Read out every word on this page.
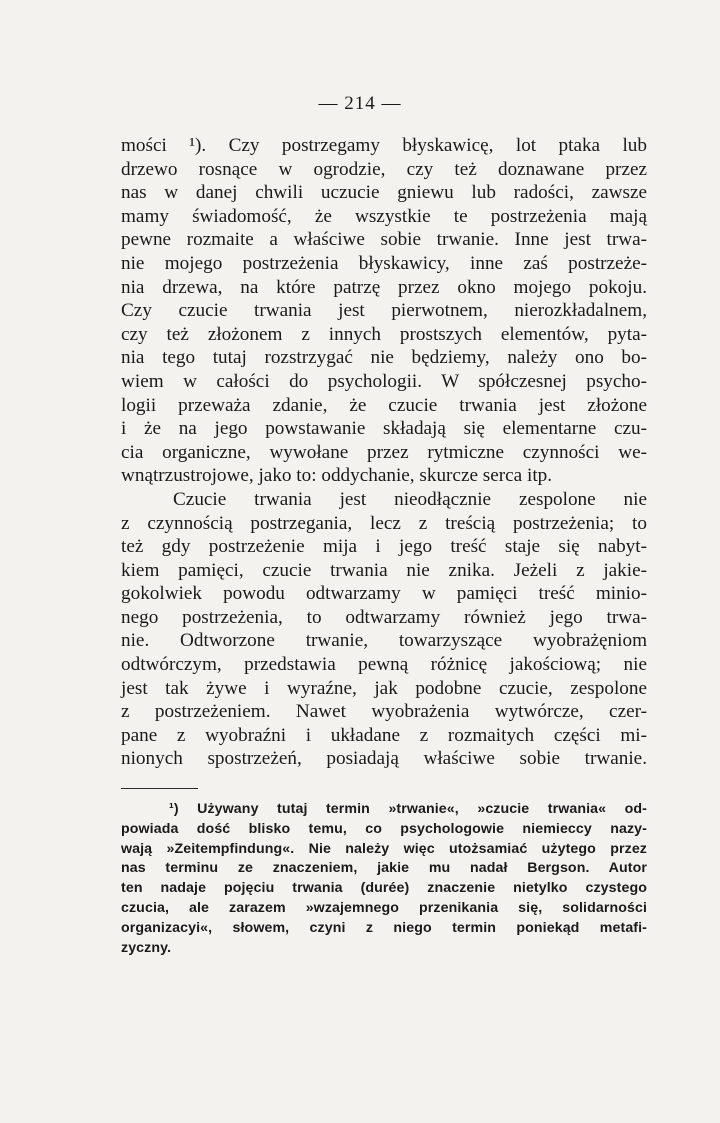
— 214 —
mości ¹). Czy postrzegamy błyskawicę, lot ptaka lub
drzewo rosnące w ogrodzie, czy też doznawane przez
nas w danej chwili uczucie gniewu lub radości, zawsze
mamy świadomość, że wszystkie te postrzeżenia mają
pewne rozmaite a właściwe sobie trwanie. Inne jest trwa-
nie mojego postrzeżenia błyskawicy, inne zaś postrzeże-
nia drzewa, na które patrzę przez okno mojego pokoju.
Czy czucie trwania jest pierwotnem, nierozkładalnem,
czy też złożonem z innych prostszych elementów, pyta-
nia tego tutaj rozstrzygać nie będziemy, należy ono bo-
wiem w całości do psychologii. W spółczesnej psycho-
logii przeważa zdanie, że czucie trwania jest złożone
i że na jego powstawanie składają się elementarne czu-
cia organiczne, wywołane przez rytmiczne czynności we-
wnątrzustrojowe, jako to: oddychanie, skurcze serca itp.
Czucie trwania jest nieodłącznie zespolone nie
z czynnością postrzegania, lecz z treścią postrzeżenia; to
też gdy postrzeżenie mija i jego treść staje się nabyt-
kiem pamięci, czucie trwania nie znika. Jeżeli z jakie-
gokolwiek powodu odtwarzamy w pamięci treść minio-
nego postrzeżenia, to odtwarzamy również jego trwa-
nie. Odtworzone trwanie, towarzyszące wyobrażęniom
odtwórczym, przedstawia pewną różnicę jakościową; nie
jest tak żywe i wyraźne, jak podobne czucie, zespolone
z postrzeżeniem. Nawet wyobrażenia wytwórcze, czer-
pane z wyobraźni i układane z rozmaitych części mi-
nionych spostrzeżeń, posiadają właściwe sobie trwanie.
¹) Używany tutaj termin »trwanie«, »czucie trwania« od-
powiada dość blisko temu, co psychologowie niemieccy nazy-
wają »Zeitempfindung«. Nie należy więc utożsamiać użytego przez
nas terminu ze znaczeniem, jakie mu nadał Bergson. Autor
ten nadaje pojęciu trwania (durée) znaczenie nietylko czystego
czucia, ale zarazem »wzajemnego przenikania się, solidarności
organizacyi«, słowem, czyni z niego termin poniekąd metafi-
zyczny.
